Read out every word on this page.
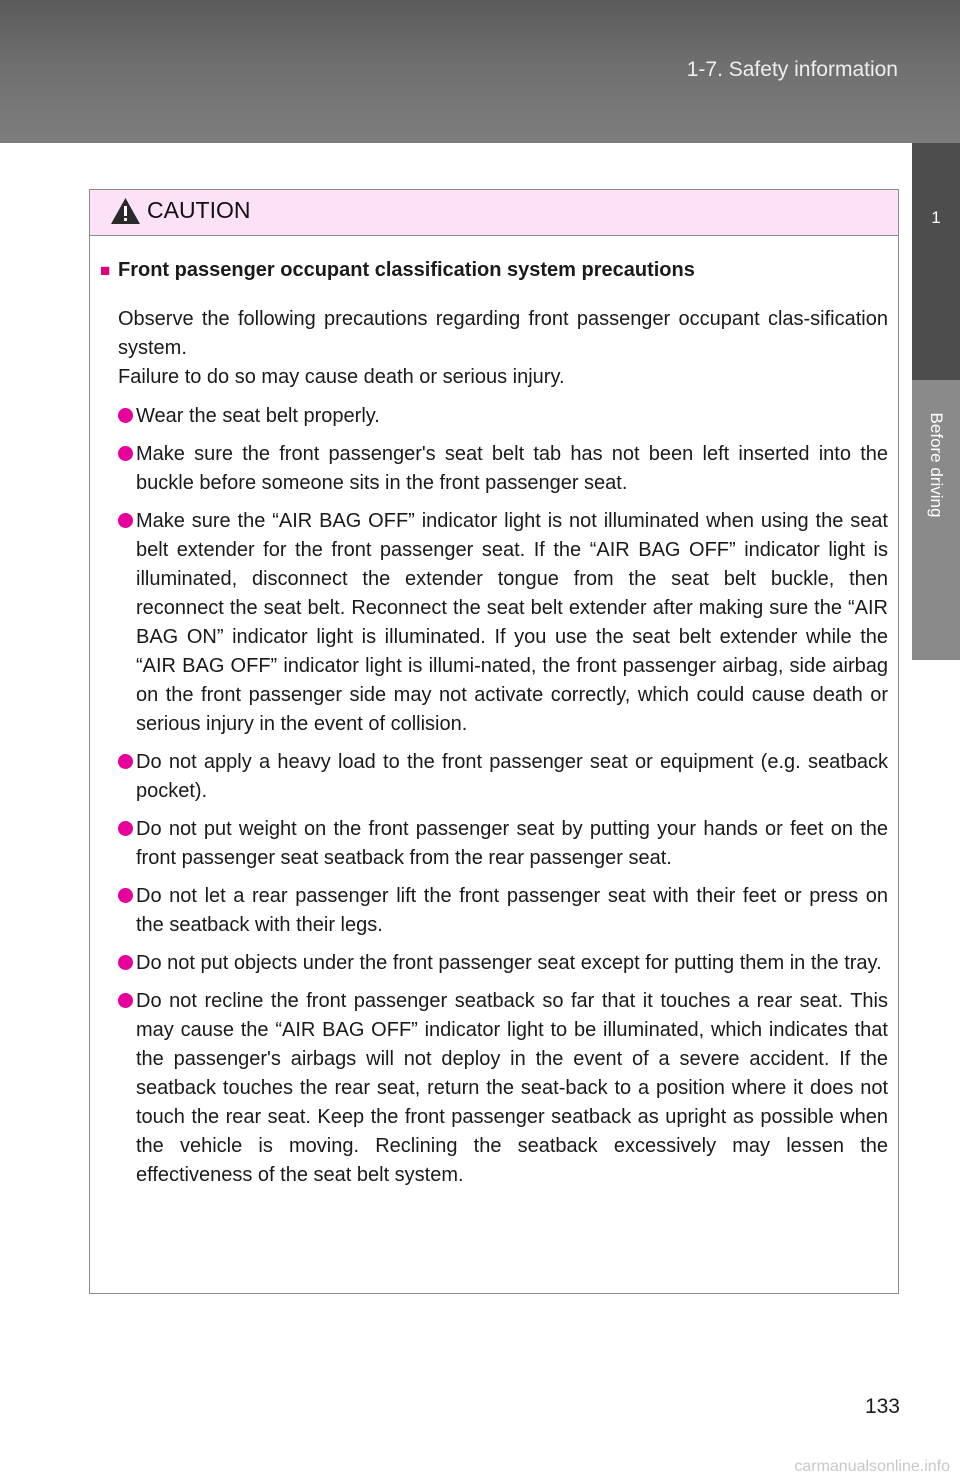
1-7. Safety information
1
Before driving
CAUTION
■ Front passenger occupant classification system precautions

Observe the following precautions regarding front passenger occupant clas-sification system.

Failure to do so may cause death or serious injury.

Wear the seat belt properly.
Make sure the front passenger's seat belt tab has not been left inserted into the buckle before someone sits in the front passenger seat.
Make sure the “AIR BAG OFF” indicator light is not illuminated when using the seat belt extender for the front passenger seat. If the “AIR BAG OFF” indicator light is illuminated, disconnect the extender tongue from the seat belt buckle, then reconnect the seat belt. Reconnect the seat belt extender after making sure the “AIR BAG ON” indicator light is illuminated. If you use the seat belt extender while the “AIR BAG OFF” indicator light is illumi-nated, the front passenger airbag, side airbag on the front passenger side may not activate correctly, which could cause death or serious injury in the event of collision.
Do not apply a heavy load to the front passenger seat or equipment (e.g. seatback pocket).
Do not put weight on the front passenger seat by putting your hands or feet on the front passenger seat seatback from the rear passenger seat.
Do not let a rear passenger lift the front passenger seat with their feet or press on the seatback with their legs.
Do not put objects under the front passenger seat except for putting them in the tray.
Do not recline the front passenger seatback so far that it touches a rear seat. This may cause the “AIR BAG OFF” indicator light to be illuminated, which indicates that the passenger's airbags will not deploy in the event of a severe accident. If the seatback touches the rear seat, return the seat-back to a position where it does not touch the rear seat. Keep the front passenger seatback as upright as possible when the vehicle is moving. Reclining the seatback excessively may lessen the effectiveness of the seat belt system.
133
carmanualsonline.info
